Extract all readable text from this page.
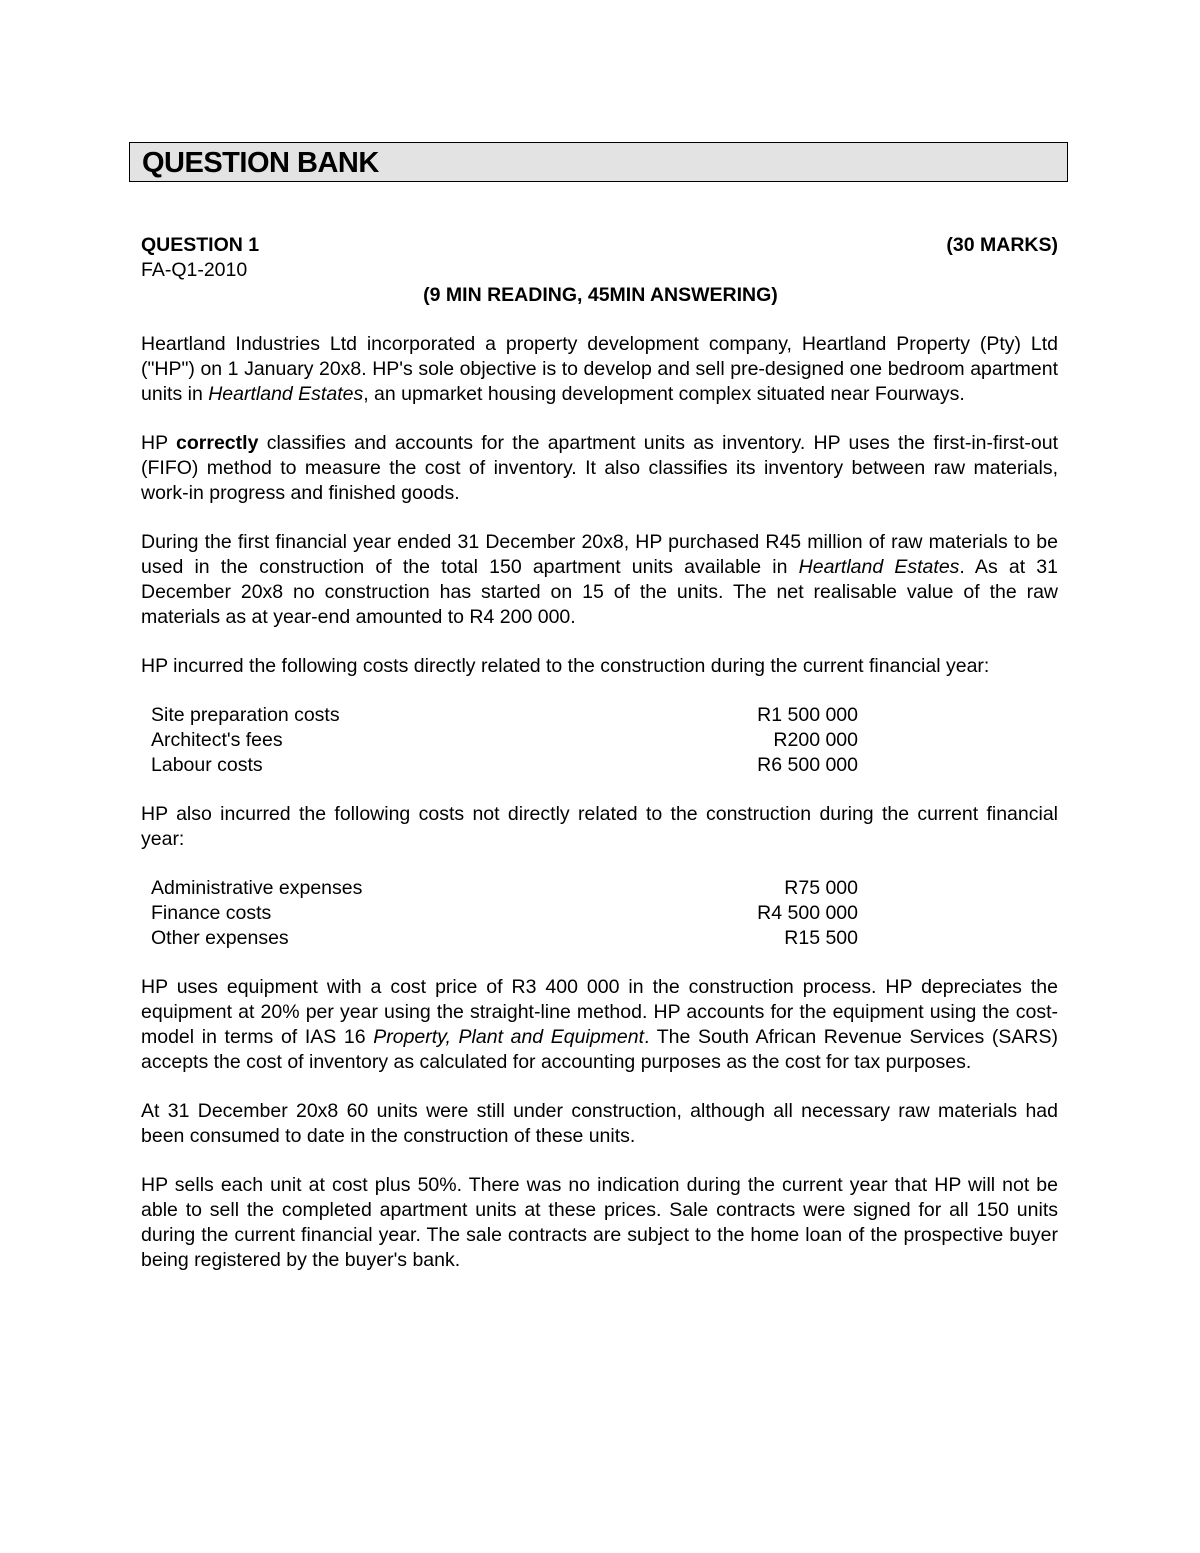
QUESTION BANK
QUESTION 1	(30 MARKS)
FA-Q1-2010
(9 MIN READING, 45MIN ANSWERING)

Heartland Industries Ltd incorporated a property development company, Heartland Property (Pty) Ltd ("HP") on 1 January 20x8. HP's sole objective is to develop and sell pre-designed one bedroom apartment units in Heartland Estates, an upmarket housing development complex situated near Fourways.

HP correctly classifies and accounts for the apartment units as inventory. HP uses the first-in-first-out (FIFO) method to measure the cost of inventory. It also classifies its inventory between raw materials, work-in progress and finished goods.

During the first financial year ended 31 December 20x8, HP purchased R45 million of raw materials to be used in the construction of the total 150 apartment units available in Heartland Estates. As at 31 December 20x8 no construction has started on 15 of the units. The net realisable value of the raw materials as at year-end amounted to R4 200 000.

HP incurred the following costs directly related to the construction during the current financial year:

Site preparation costs	R1 500 000
Architect's fees	R200 000
Labour costs	R6 500 000

HP also incurred the following costs not directly related to the construction during the current financial year:

Administrative expenses	R75 000
Finance costs	R4 500 000
Other expenses	R15 500

HP uses equipment with a cost price of R3 400 000 in the construction process. HP depreciates the equipment at 20% per year using the straight-line method. HP accounts for the equipment using the cost-model in terms of IAS 16 Property, Plant and Equipment. The South African Revenue Services (SARS) accepts the cost of inventory as calculated for accounting purposes as the cost for tax purposes.

At 31 December 20x8 60 units were still under construction, although all necessary raw materials had been consumed to date in the construction of these units.

HP sells each unit at cost plus 50%. There was no indication during the current year that HP will not be able to sell the completed apartment units at these prices. Sale contracts were signed for all 150 units during the current financial year. The sale contracts are subject to the home loan of the prospective buyer being registered by the buyer's bank.
